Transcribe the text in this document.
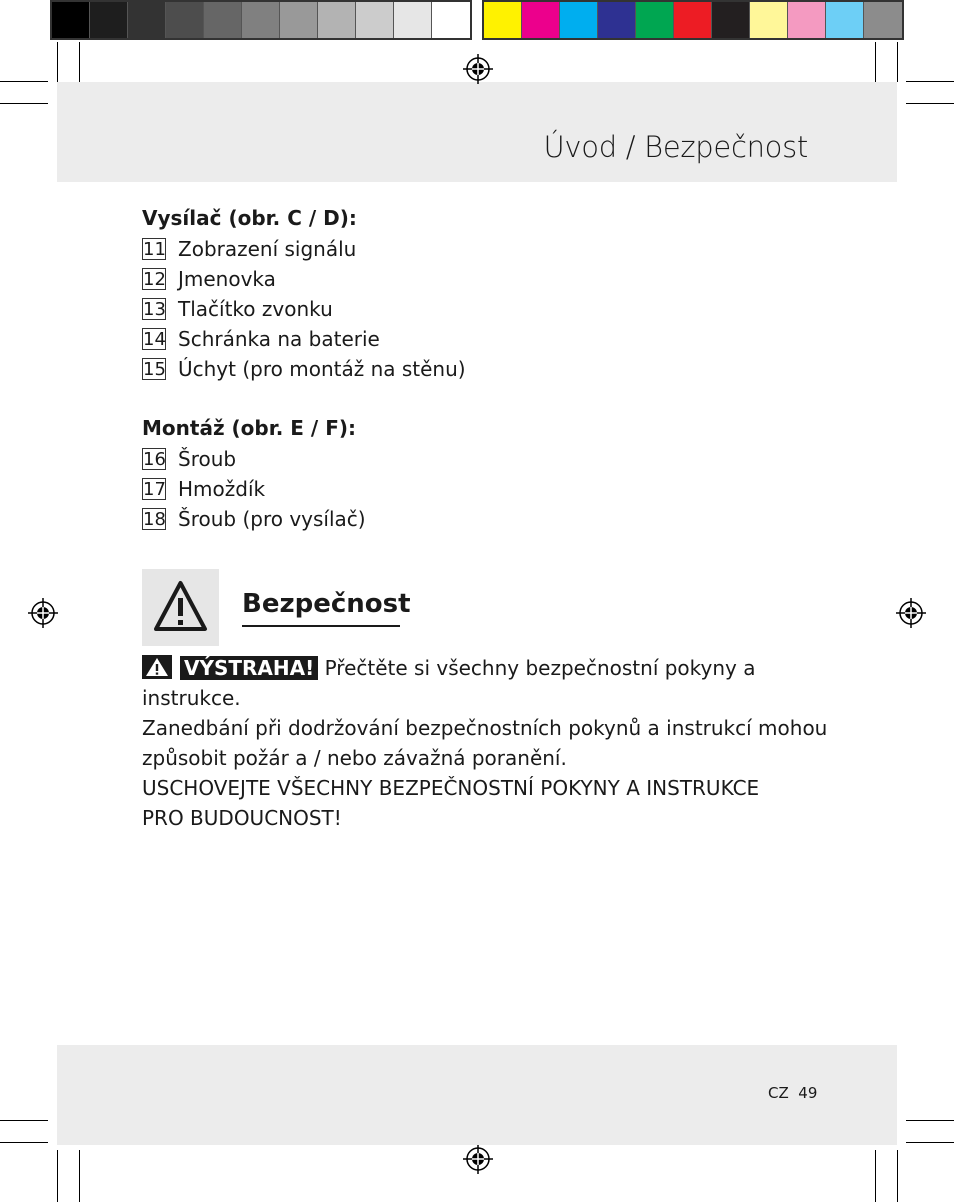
Úvod / Bezpečnost
Vysílač (obr. C / D):
11 Zobrazení signálu
12 Jmenovka
13 Tlačítko zvonku
14 Schránka na baterie
15 Úchyt (pro montáž na stěnu)
Montáž (obr. E / F):
16 Šroub
17 Hmoždík
18 Šroub (pro vysílač)
Bezpečnost
VÝSTRAHA! Přečtěte si všechny bezpečnostní pokyny a instrukce.
Zanedbání při dodržování bezpečnostních pokynů a instrukcí mohou
způsobit požár a / nebo závažná poranění.
USCHOVEJTE VŠECHNY BEZPEČNOSTNÍ POKYNY A INSTRUKCE
PRO BUDOUCNOST!
CZ 49
